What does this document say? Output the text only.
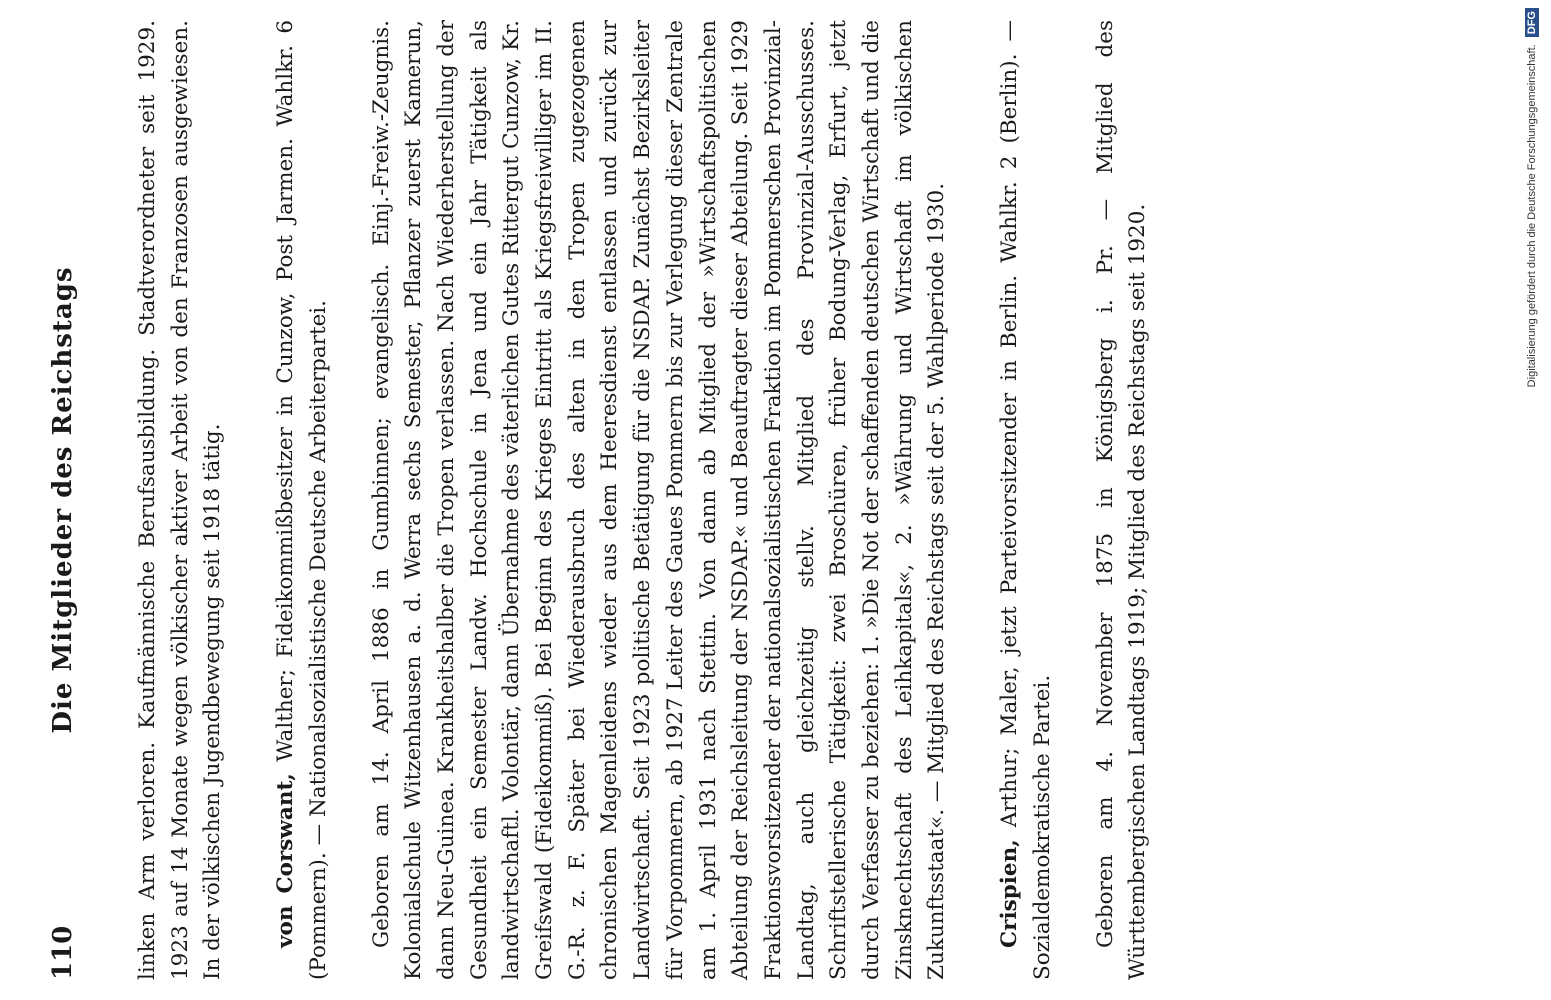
110
Die Mitglieder des Reichstags	linken Arm verloren. Kaufmännische Berufsausbildung. Stadtverordneter seit 1929. 1923 auf 14 Monate wegen völkischer aktiver Arbeit von den Franzosen ausgewiesen. In der völkischen Jugendbewegung seit 1918 tätig. von Corswant, Walther; Fideikommißbesitzer in Cunzow, Post Jarmen. Wahlkr. 6 (Pommern). — Nationalsozialistische Deutsche Arbeiterpartei. Geboren am 14. April 1886 in Gumbinnen; evangelisch. Einj.-Freiw.-Zeugnis. Kolonialschule Witzenhausen a. d. Werra sechs Semester, Pflanzer zuerst Kamerun, dann Neu-Guinea. Krankheitshalber die Tropen verlassen. Nach Wiederherstellung der Gesundheit ein Semester Landw. Hochschule in Jena und ein Jahr Tätigkeit als landwirtschaftl. Volontär, dann Übernahme des väterlichen Gutes Rittergut Cunzow, Kr. Greifswald (Fideikommiß). Bei Beginn des Krieges Eintritt als Kriegsfreiwilliger im II. G.-R. z. F. Später bei Wiederausbruch des alten in den Tropen zugezogenen chronischen Magenleidens wieder aus dem Heeresdienst entlassen und zurück zur Landwirtschaft. Seit 1923 politische Betätigung für die NSDAP. Zunächst Bezirksleiter für Vorpommern, ab 1927 Leiter des Gaues Pommern bis zur Verlegung dieser Zentrale am 1. April 1931 nach Stettin. Von dann ab Mitglied der »Wirtschaftspolitischen Abteilung der Reichsleitung der NSDAP.« und Beauftragter dieser Abteilung. Seit 1929 Fraktionsvorsitzender der nationalsozialistischen Fraktion im Pommerschen Provinzial-Landtag, auch gleichzeitig stellv. Mitglied des Provinzial-Ausschusses. Schriftstellerische Tätigkeit: zwei Broschüren, früher Bodung-Verlag, Erfurt, jetzt durch Verfasser zu beziehen: 1. »Die Not der schaffenden deutschen Wirtschaft und die Zinsknechtschaft des Leihkapitals«, 2. »Währung und Wirtschaft im völkischen Zukunftsstaat«. — Mitglied des Reichstags seit der 5. Wahlperiode 1930. Crispien, Arthur; Maler, jetzt Parteivorsitzender in Berlin. Wahlkr. 2 (Berlin). — Sozialdemokratische Partei. Geboren am 4. November 1875 in Königsberg i. Pr. — Mitglied des Württembergischen Landtags 1919; Mitglied des Reichstags seit 1920.	Digitalisierung gefördert durch die Deutsche Forschungsgemeinschaft. DFG
